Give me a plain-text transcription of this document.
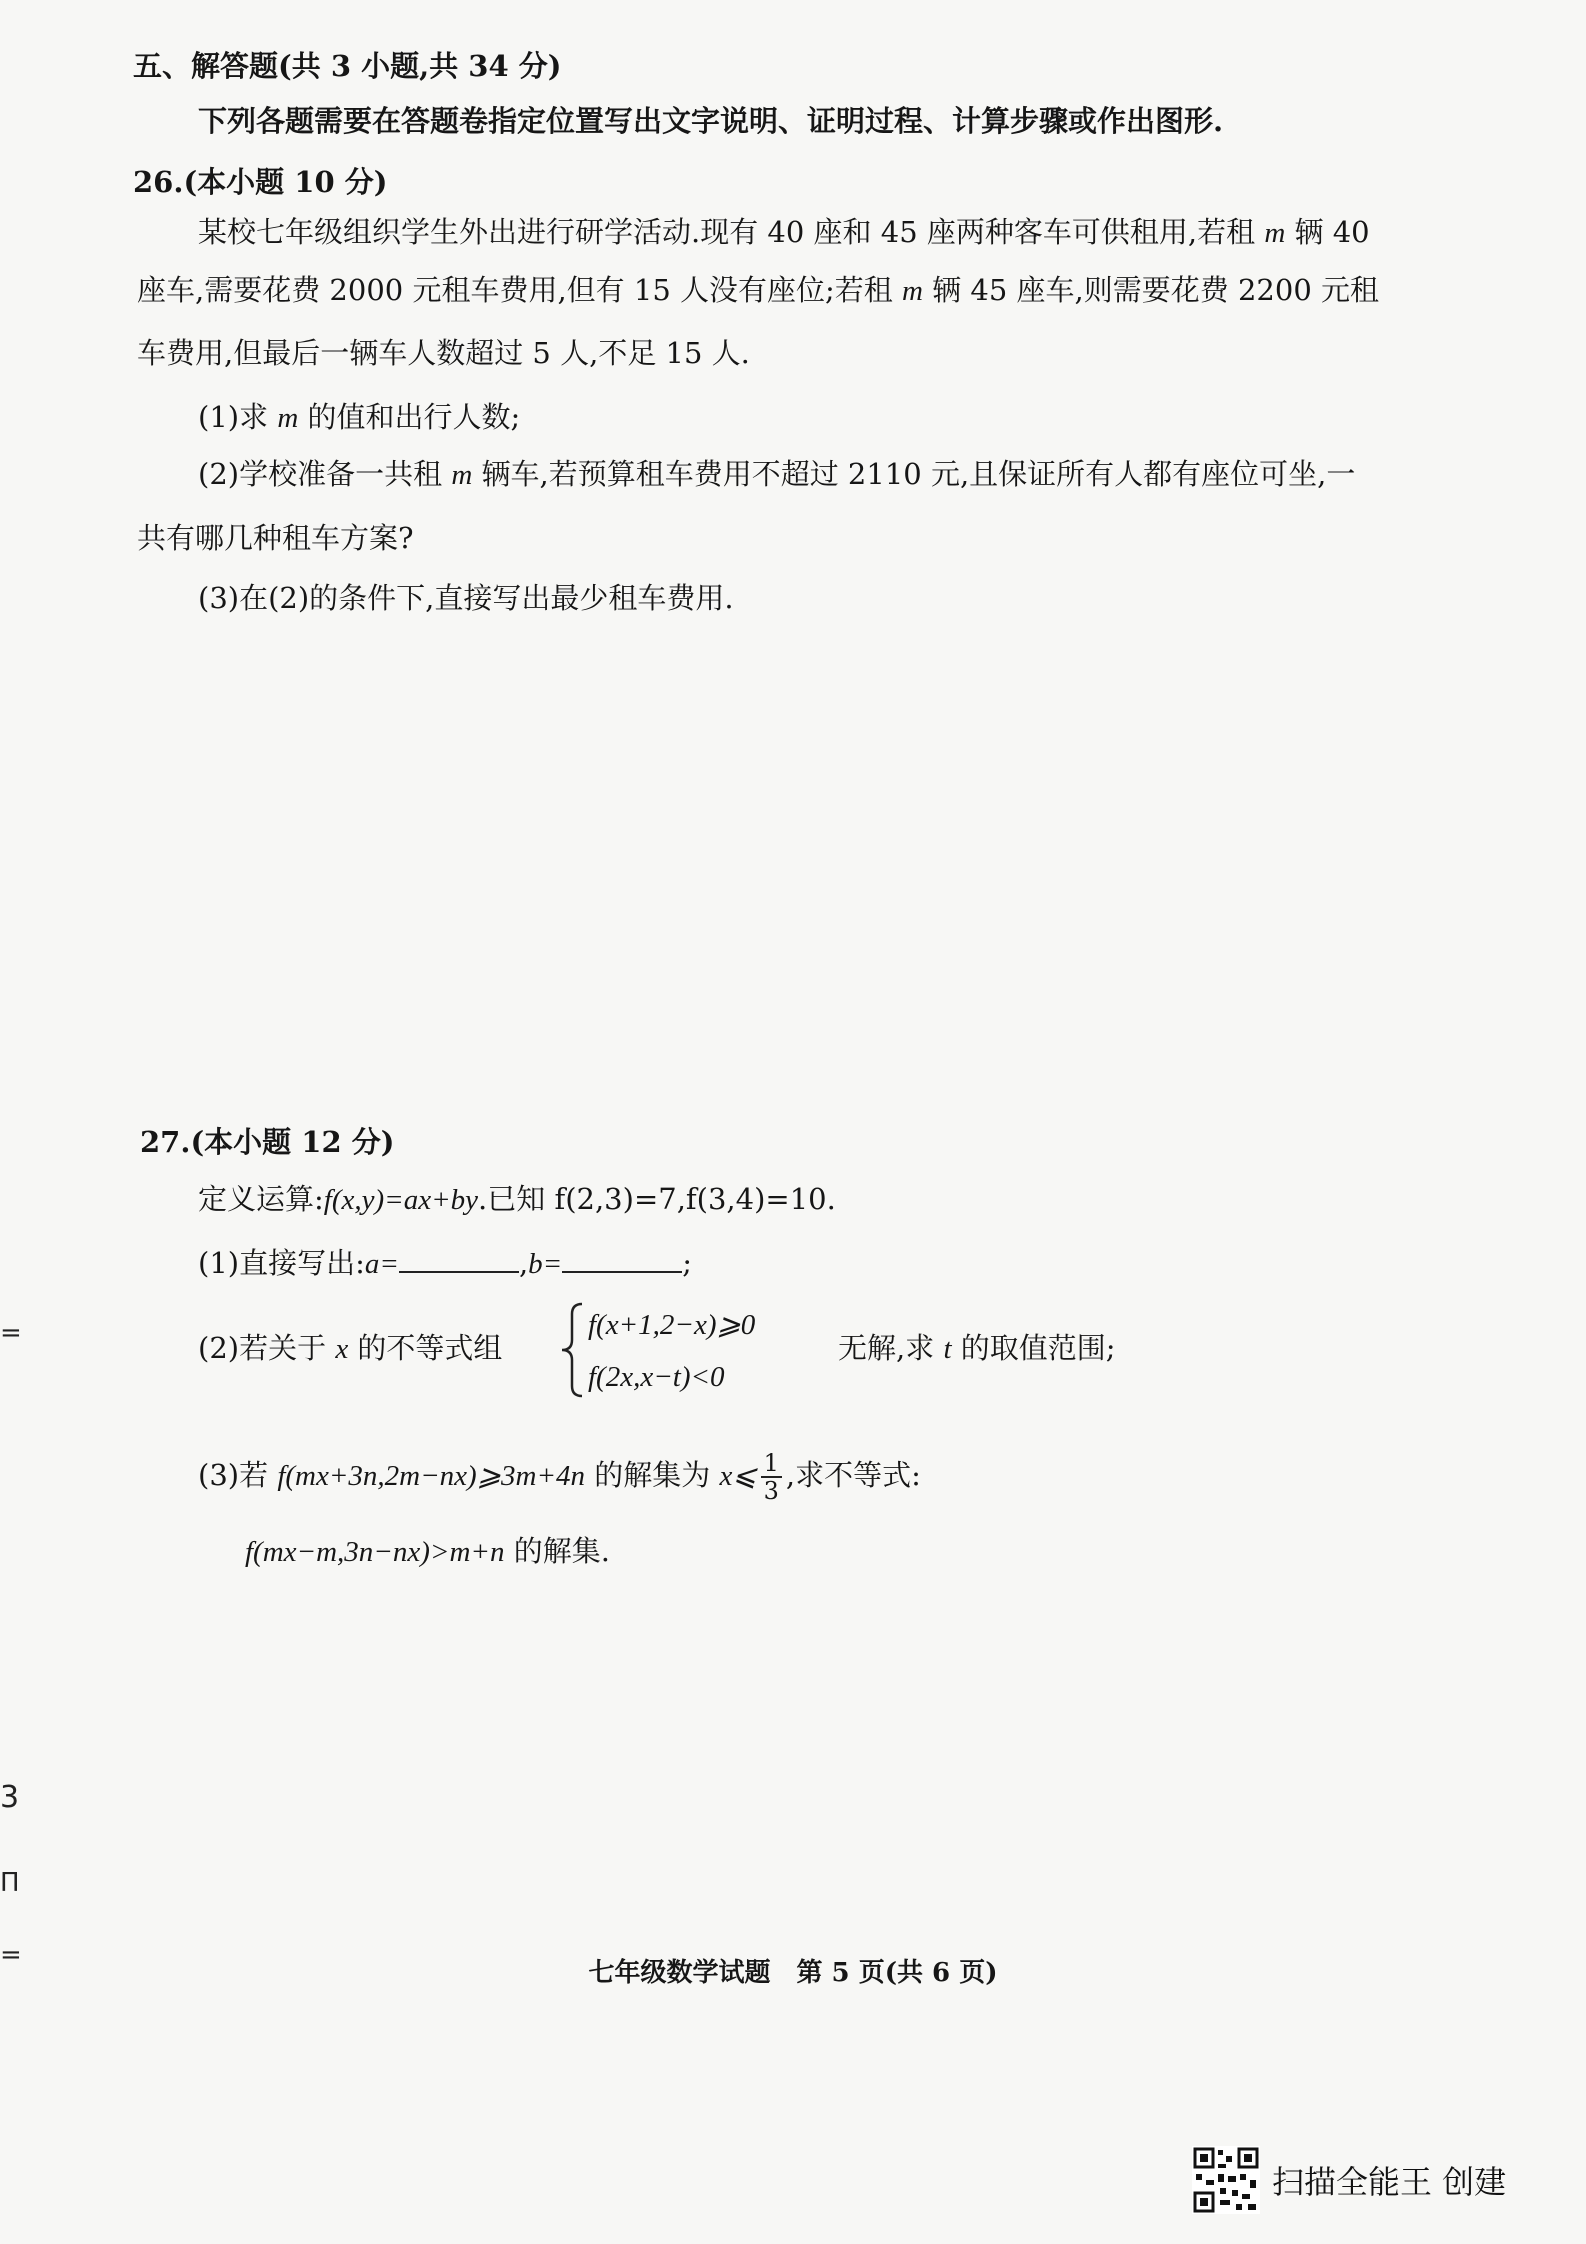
五、解答题(共 3 小题,共 34 分)
下列各题需要在答题卷指定位置写出文字说明、证明过程、计算步骤或作出图形.
26.(本小题 10 分)
某校七年级组织学生外出进行研学活动.现有 40 座和 45 座两种客车可供租用,若租 m 辆 40
座车,需要花费 2000 元租车费用,但有 15 人没有座位;若租 m 辆 45 座车,则需要花费 2200 元租
车费用,但最后一辆车人数超过 5 人,不足 15 人.
(1)求 m 的值和出行人数;
(2)学校准备一共租 m 辆车,若预算租车费用不超过 2110 元,且保证所有人都有座位可坐,一
共有哪几种租车方案?
(3)在(2)的条件下,直接写出最少租车费用.
27.(本小题 12 分)
定义运算:f(x,y)=ax+by.已知 f(2,3)=7,f(3,4)=10.
(1)直接写出:a=	,b=	;
(2)若关于 x 的不等式组
f(x+1,2−x)⩾0
f(2x,x−t)<0
无解,求 t 的取值范围;
(3)若 f(mx+3n,2m−nx)⩾3m+4n 的解集为 x⩽ $\frac{1}{3}$ ,求不等式:
f(mx−m,3n−nx)>m+n 的解集.
七年级数学试题　第 5 页(共 6 页)
=
3
Π
=
扫描全能王 创建
